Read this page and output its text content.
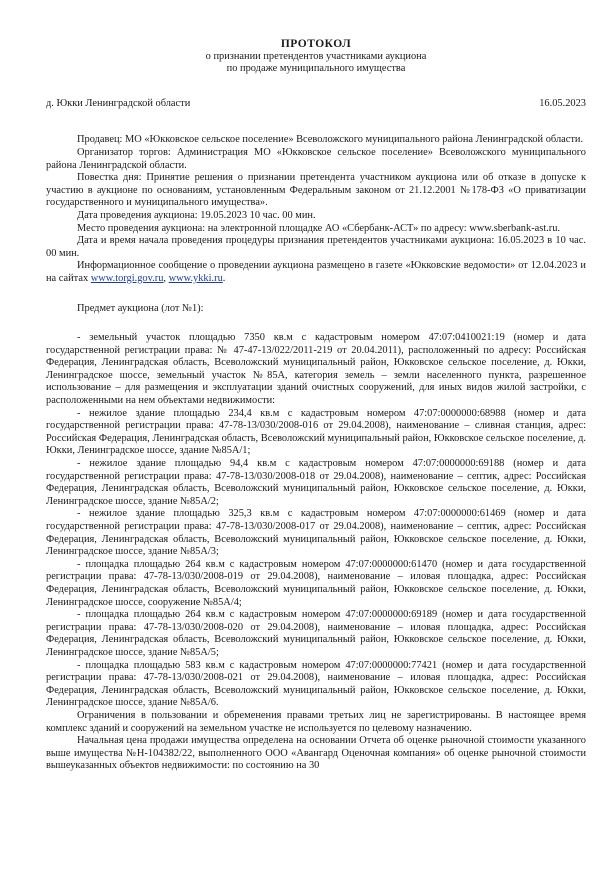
ПРОТОКОЛ

о признании претендентов участниками аукциона

по продаже муниципального имущества

д. Юкки Ленинградской области	16.05.2023

Продавец: МО «Юкковское сельское поселение» Всеволожского муниципального района Ленинградской области.

Организатор торгов: Администрация МО «Юкковское сельское поселение» Всеволожского муниципального района Ленинградской области.

Повестка дня: Принятие решения о признании претендента участником аукциона или об отказе в допуске к участию в аукционе по основаниям, установленным Федеральным законом от 21.12.2001 №178-ФЗ «О приватизации государственного и муниципального имущества».

Дата проведения аукциона: 19.05.2023 10 час. 00 мин.

Место проведения аукциона: на электронной площадке АО «Сбербанк-АСТ» по адресу: www.sberbank-ast.ru.

Дата и время начала проведения процедуры признания претендентов участниками аукциона: 16.05.2023 в 10 час. 00 мин.

Информационное сообщение о проведении аукциона размещено в газете «Юкковские ведомости» от 12.04.2023 и на сайтах www.torgi.gov.ru, www.ykki.ru.

Предмет аукциона (лот №1):

- земельный участок площадью 7350 кв.м с кадастровым номером 47:07:0410021:19 (номер и дата государственной регистрации права: № 47-47-13/022/2011-219 от 20.04.2011), расположенный по адресу: Российская Федерация, Ленинградская область, Всеволожский муниципальный район, Юкковское сельское поселение, д. Юкки, Ленинградское шоссе, земельный участок №85А, категория земель – земли населенного пункта, разрешенное использование – для размещения и эксплуатации зданий очистных сооружений, для иных видов жилой застройки, с расположенными на нем объектами недвижимости:

- нежилое здание площадью 234,4 кв.м с кадастровым номером 47:07:0000000:68988 (номер и дата государственной регистрации права: 47-78-13/030/2008-016 от 29.04.2008), наименование – сливная станция, адрес: Российская Федерация, Ленинградская область, Всеволожский муниципальный район, Юкковское сельское поселение, д. Юкки, Ленинградское шоссе, здание №85А/1;

- нежилое здание площадью 94,4 кв.м с кадастровым номером 47:07:0000000:69188 (номер и дата государственной регистрации права: 47-78-13/030/2008-018 от 29.04.2008), наименование – септик, адрес: Российская Федерация, Ленинградская область, Всеволожский муниципальный район, Юкковское сельское поселение, д. Юкки, Ленинградское шоссе, здание №85А/2;

- нежилое здание площадью 325,3 кв.м с кадастровым номером 47:07:0000000:61469 (номер и дата государственной регистрации права: 47-78-13/030/2008-017 от 29.04.2008), наименование – септик, адрес: Российская Федерация, Ленинградская область, Всеволожский муниципальный район, Юкковское сельское поселение, д. Юкки, Ленинградское шоссе, здание №85А/3;

- площадка площадью 264 кв.м с кадастровым номером 47:07:0000000:61470 (номер и дата государственной регистрации права: 47-78-13/030/2008-019 от 29.04.2008), наименование – иловая площадка, адрес: Российская Федерация, Ленинградская область, Всеволожский муниципальный район, Юкковское сельское поселение, д. Юкки, Ленинградское шоссе, сооружение №85А/4;

- площадка площадью 264 кв.м с кадастровым номером 47:07:0000000:69189 (номер и дата государственной регистрации права: 47-78-13/030/2008-020 от 29.04.2008), наименование – иловая площадка, адрес: Российская Федерация, Ленинградская область, Всеволожский муниципальный район, Юкковское сельское поселение, д. Юкки, Ленинградское шоссе, здание №85А/5;

- площадка площадью 583 кв.м с кадастровым номером 47:07:0000000:77421 (номер и дата государственной регистрации права: 47-78-13/030/2008-021 от 29.04.2008), наименование – иловая площадка, адрес: Российская Федерация, Ленинградская область, Всеволожский муниципальный район, Юкковское сельское поселение, д. Юкки, Ленинградское шоссе, здание №85А/6.

Ограничения в пользовании и обременения правами третьих лиц не зарегистрированы. В настоящее время комплекс зданий и сооружений на земельном участке не используется по целевому назначению.

Начальная цена продажи имущества определена на основании Отчета об оценке рыночной стоимости указанного выше имущества №Н-104382/22, выполненного ООО «Авангард Оценочная компания» об оценке рыночной стоимости вышеуказанных объектов недвижимости: по состоянию на 30
